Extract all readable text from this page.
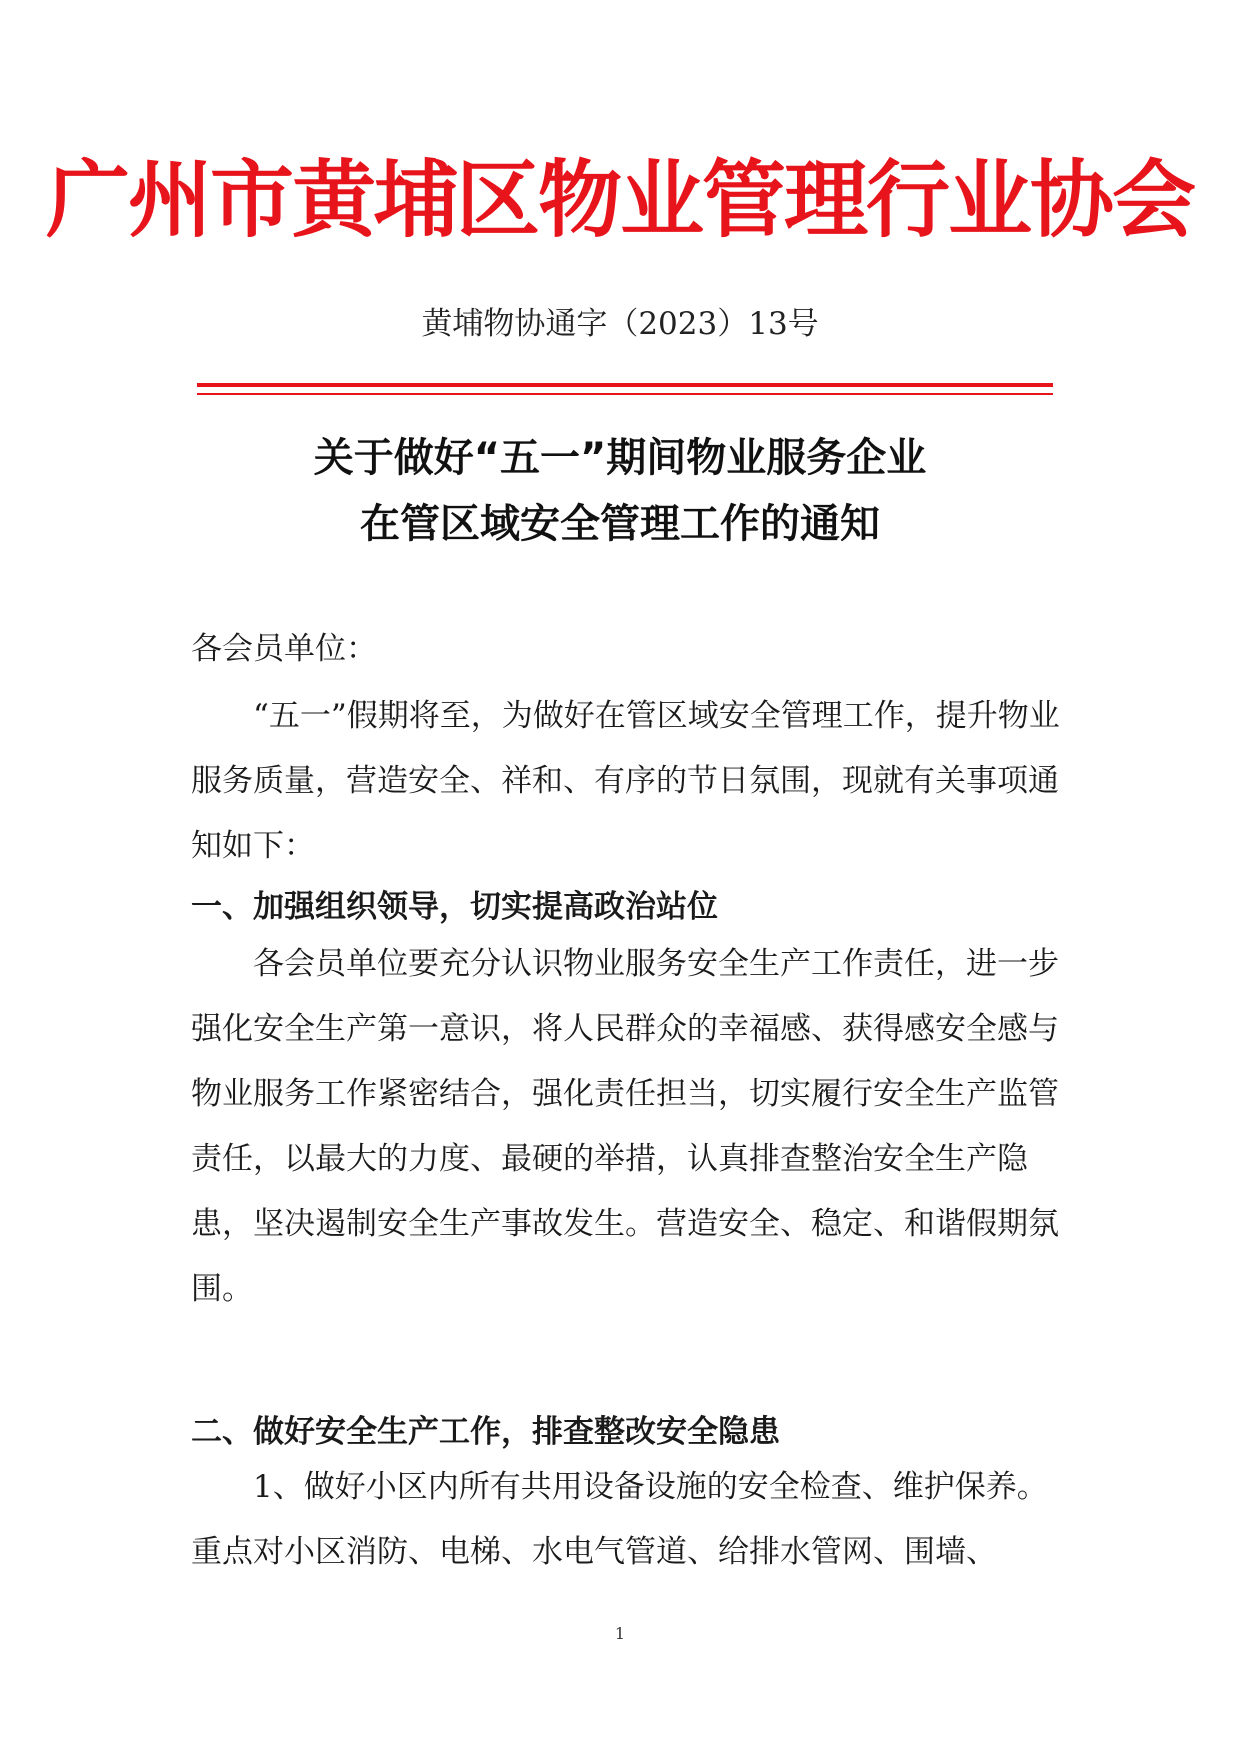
广州市黄埔区物业管理行业协会
黄埔物协通字（2023）13号
关于做好“五一”期间物业服务企业
在管区域安全管理工作的通知
各会员单位：
“五一”假期将至，为做好在管区域安全管理工作，提升物业服务质量，营造安全、祥和、有序的节日氛围，现就有关事项通知如下：
一、加强组织领导，切实提高政治站位
各会员单位要充分认识物业服务安全生产工作责任，进一步强化安全生产第一意识，将人民群众的幸福感、获得感安全感与物业服务工作紧密结合，强化责任担当，切实履行安全生产监管责任，以最大的力度、最硬的举措，认真排查整治安全生产隐患，坚决遏制安全生产事故发生。营造安全、稳定、和谐假期氛围。
二、做好安全生产工作，排查整改安全隐患
1、做好小区内所有共用设备设施的安全检查、维护保养。重点对小区消防、电梯、水电气管道、给排水管网、围墙、
1
